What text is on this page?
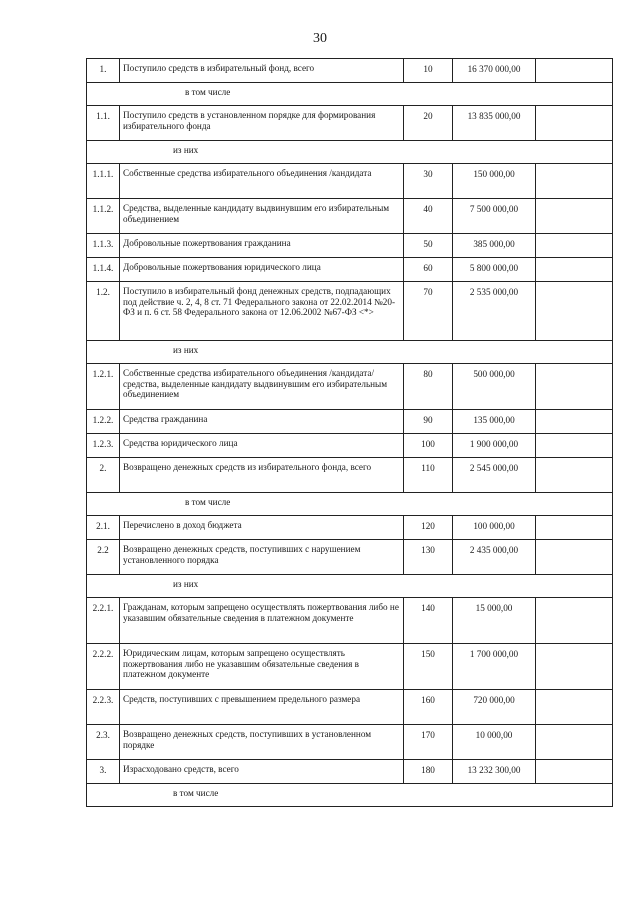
30
1.	Поступило средств в избирательный фонд, всего	10	16 370 000,00	
в том числе				
1.1.	Поступило средств в установленном порядке для формирования избирательного фонда	20	13 835 000,00	
из них				
1.1.1.	Собственные средства избирательного объединения /кандидата	30	150 000,00	
1.1.2.	Средства, выделенные кандидату выдвинувшим его избирательным объединением	40	7 500 000,00	
1.1.3.	Добровольные пожертвования гражданина	50	385 000,00	
1.1.4.	Добровольные пожертвования юридического лица	60	5 800 000,00	
1.2.	Поступило в избирательный фонд денежных средств, подпадающих под действие ч. 2, 4, 8 ст. 71 Федерального закона от 22.02.2014 №20-ФЗ и п. 6 ст. 58 Федерального закона от 12.06.2002 №67-ФЗ <*>	70	2 535 000,00	
из них				
1.2.1.	Собственные средства избирательного объединения /кандидата/средства, выделенные кандидату выдвинувшим его избирательным объединением	80	500 000,00	
1.2.2.	Средства гражданина	90	135 000,00	
1.2.3.	Средства юридического лица	100	1 900 000,00	
2.	Возвращено денежных средств из избирательного фонда, всего	110	2 545 000,00	
в том числе				
2.1.	Перечислено в доход бюджета	120	100 000,00	
2.2	Возвращено денежных средств, поступивших с нарушением установленного порядка	130	2 435 000,00	
из них				
2.2.1.	Гражданам, которым запрещено осуществлять пожертвования либо не указавшим обязательные сведения в платежном документе	140	15 000,00	
2.2.2.	Юридическим лицам, которым запрещено осуществлять пожертвования либо не указавшим обязательные сведения в платежном документе	150	1 700 000,00	
2.2.3.	Средств, поступивших с превышением предельного размера	160	720 000,00	
2.3.	Возвращено денежных средств, поступивших в установленном порядке	170	10 000,00	
3.	Израсходовано средств, всего	180	13 232 300,00	
в том числе				
